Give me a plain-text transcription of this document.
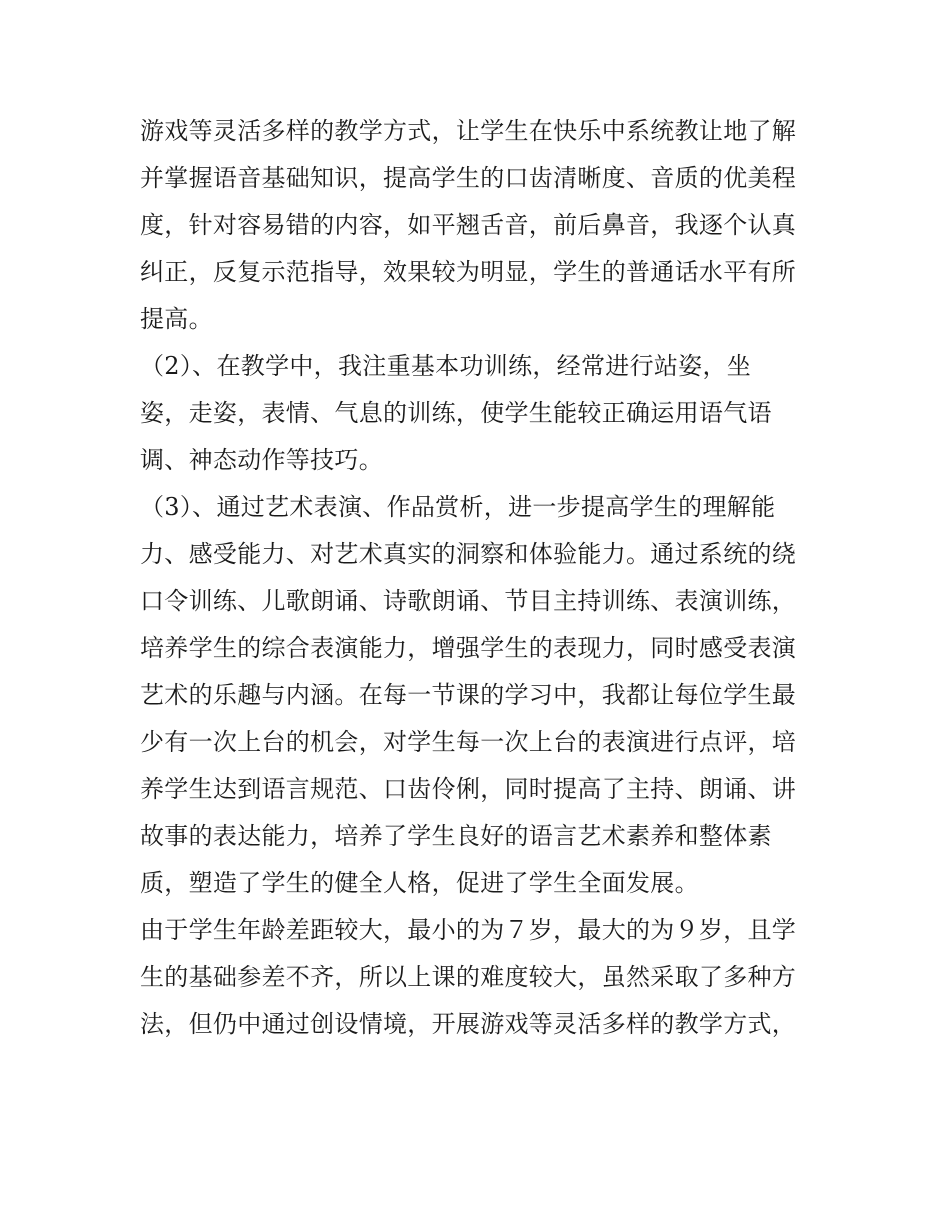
游戏等灵活多样的教学方式，让学生在快乐中系统教让地了解
并掌握语音基础知识，提高学生的口齿清晰度、音质的优美程
度，针对容易错的内容，如平翘舌音，前后鼻音，我逐个认真
纠正，反复示范指导，效果较为明显，学生的普通话水平有所
提高。
（2）、在教学中，我注重基本功训练，经常进行站姿，坐
姿，走姿，表情、气息的训练，使学生能较正确运用语气语
调、神态动作等技巧。
（3）、通过艺术表演、作品赏析，进一步提高学生的理解能
力、感受能力、对艺术真实的洞察和体验能力。通过系统的绕
口令训练、儿歌朗诵、诗歌朗诵、节目主持训练、表演训练，
培养学生的综合表演能力，增强学生的表现力，同时感受表演
艺术的乐趣与内涵。在每一节课的学习中，我都让每位学生最
少有一次上台的机会，对学生每一次上台的表演进行点评，培
养学生达到语言规范、口齿伶俐，同时提高了主持、朗诵、讲
故事的表达能力，培养了学生良好的语言艺术素养和整体素
质，塑造了学生的健全人格，促进了学生全面发展。
由于学生年龄差距较大，最小的为７岁，最大的为９岁，且学
生的基础参差不齐，所以上课的难度较大，虽然采取了多种方
法，但仍中通过创设情境，开展游戏等灵活多样的教学方式，
